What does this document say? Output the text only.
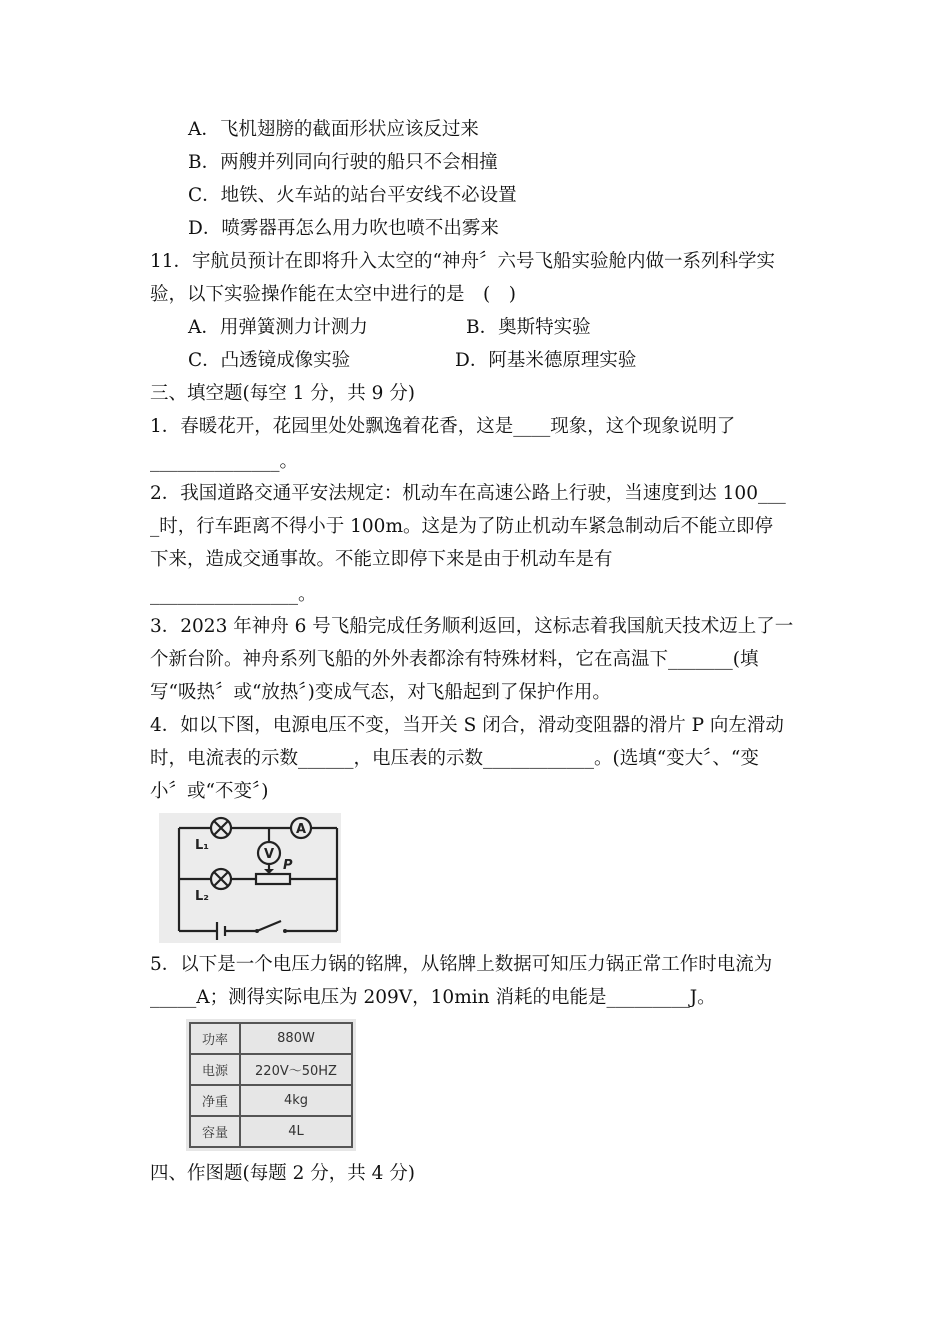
A．飞机翅膀的截面形状应该反过来
B．两艘并列同向行驶的船只不会相撞
C．地铁、火车站的站台平安线不必设置
D．喷雾器再怎么用力吹也喷不出雾来
11．宇航员预计在即将升入太空的“神舟〞六号飞船实验舱内做一系列科学实
验，以下实验操作能在太空中进行的是　(　)
A．用弹簧测力计测力	B．奥斯特实验
C．凸透镜成像实验	D．阿基米德原理实验
三、填空题(每空 1 分，共 9 分)
1．春暖花开，花园里处处飘逸着花香，这是____现象，这个现象说明了
______________。
2．我国道路交通平安法规定：机动车在高速公路上行驶，当速度到达 100___
_时，行车距离不得小于 100m。这是为了防止机动车紧急制动后不能立即停
下来，造成交通事故。不能立即停下来是由于机动车是有
________________。
3．2023 年神舟 6 号飞船完成任务顺利返回，这标志着我国航天技术迈上了一
个新台阶。神舟系列飞船的外外表都涂有特殊材料，它在高温下_______(填
写“吸热〞或“放热〞)变成气态，对飞船起到了保护作用。
4．如以下图，电源电压不变，当开关 S 闭合，滑动变阻器的滑片 P 向左滑动
时，电流表的示数______，电压表的示数____________。(选填“变大〞、“变
小〞或“不变〞)
A
V
P
L₁
L₂
5．以下是一个电压力锅的铭牌，从铭牌上数据可知压力锅正常工作时电流为
_____A；测得实际电压为 209V，10min 消耗的电能是_________J。
功率	880W
电源	220V～50HZ
净重	4kg
容量	4L
四、作图题(每题 2 分，共 4 分)
